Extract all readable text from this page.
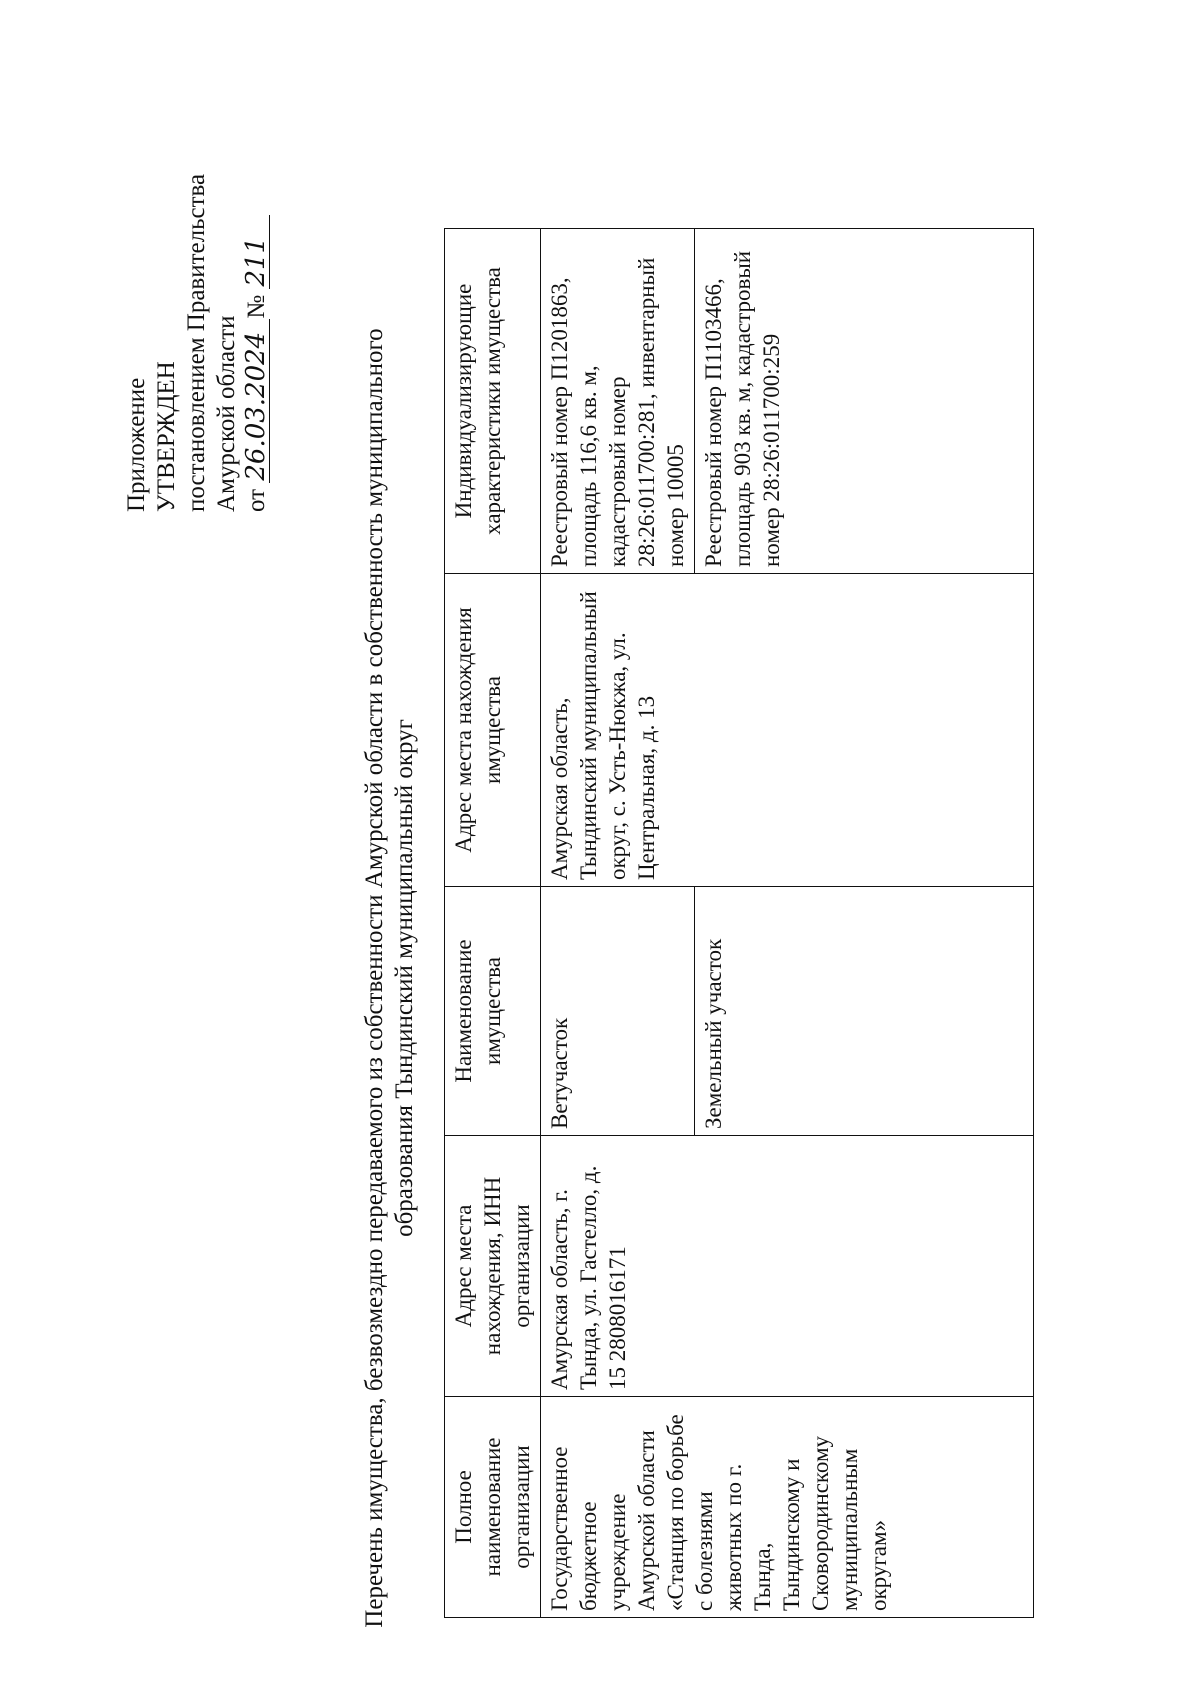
Приложение УТВЕРЖДЕН постановлением Правительства Амурской области от 26.03.2024№ 211
Перечень имущества, безвозмездно передаваемого из собственности Амурской области в собственность муниципального образования Тындинский муниципальный округ
Полное наименование организации	Адрес места нахождения, ИНН организации	Наименование имущества	Адрес места нахождения имущества	Индивидуализирующие характеристики имущества
Государственное бюджетное учреждение Амурской области «Станция по борьбе с болезнями животных по г. Тында, Тындинскому и Сковородинскому муниципальным округам»	Амурская область, г. Тында, ул. Гастелло, д. 15 2808016171	Ветучасток	Амурская область, Тындинский муниципальный округ, с. Усть-Нюкжа, ул. Центральная, д. 13	Реестровый номер П1201863, площадь 116,6 кв. м, кадастровый номер 28:26:011700:281, инвентарный номер 10005
		Земельный участок		Реестровый номер П1103466, площадь 903 кв. м, кадастровый номер 28:26:011700:259
